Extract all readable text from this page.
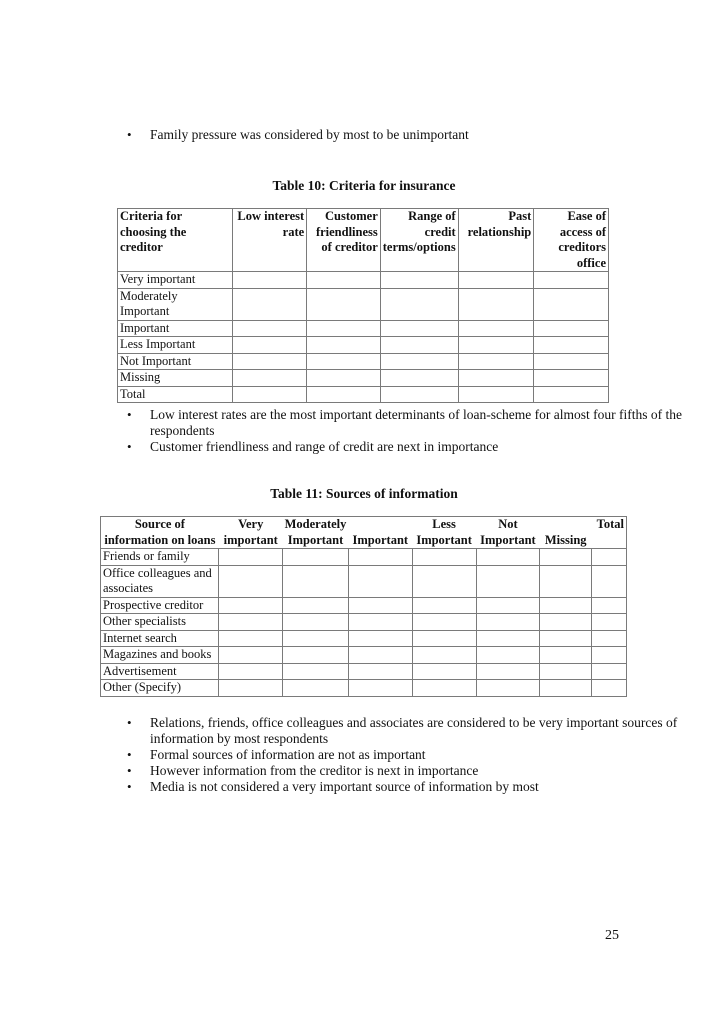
• Family pressure was considered by most to be unimportant
Table 10: Criteria for insurance
Criteria for choosing the creditor	Low interest rate	Customer friendliness of creditor	Range of credit terms/options	Past relationship	Ease of access of creditors office
Very important					
Moderately Important					
Important					
Less Important					
Not Important					
Missing					
Total					
• Low interest rates are the most important determinants of loan-scheme for almost four fifths of the respondents
• Customer friendliness and range of credit are next in importance
Table 11: Sources of information
Source of information on loans	Very important	Moderately Important	Important	Less Important	Not Important	Missing	Total
Friends or family							
Office colleagues and associates							
Prospective creditor							
Other specialists							
Internet search							
Magazines and books							
Advertisement							
Other (Specify)							
• Relations, friends, office colleagues and associates are considered to be very important sources of information by most respondents
• Formal sources of information are not as important
• However information from the creditor is next in importance
• Media is not considered a very important source of information by most
25
